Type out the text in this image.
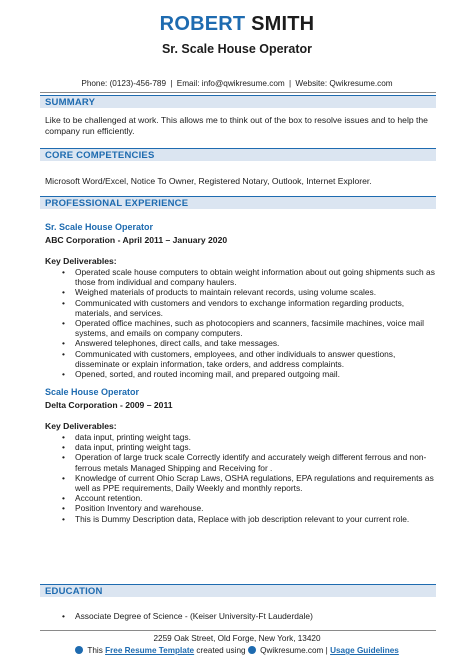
ROBERT SMITH
Sr. Scale House Operator
Phone: (0123)-456-789 | Email: info@qwikresume.com | Website: Qwikresume.com
SUMMARY
Like to be challenged at work. This allows me to think out of the box to resolve issues and to help the company run efficiently.
CORE COMPETENCIES
Microsoft Word/Excel, Notice To Owner, Registered Notary, Outlook, Internet Explorer.
PROFESSIONAL EXPERIENCE
Sr. Scale House Operator
ABC Corporation - April 2011 – January 2020
Key Deliverables:
• Operated scale house computers to obtain weight information about out going shipments such as those from individual and company haulers.
• Weighed materials of products to maintain relevant records, using volume scales.
• Communicated with customers and vendors to exchange information regarding products, materials, and services.
• Operated office machines, such as photocopiers and scanners, facsimile machines, voice mail systems, and emails on company computers.
• Answered telephones, direct calls, and take messages.
• Communicated with customers, employees, and other individuals to answer questions, disseminate or explain information, take orders, and address complaints.
• Opened, sorted, and routed incoming mail, and prepared outgoing mail.
Scale House Operator
Delta Corporation - 2009 – 2011
Key Deliverables:
• data input, printing weight tags.
• data input, printing weight tags.
• Operation of large truck scale Correctly identify and accurately weigh different ferrous and non-ferrous metals Managed Shipping and Receiving for .
• Knowledge of current Ohio Scrap Laws, OSHA regulations, EPA regulations and requirements as well as PPE requirements, Daily Weekly and monthly reports.
• Account retention.
• Position Inventory and warehouse.
• This is Dummy Description data, Replace with job description relevant to your current role.
EDUCATION
• Associate Degree of Science - (Keiser University-Ft Lauderdale)
2259 Oak Street, Old Forge, New York, 13420
This Free Resume Template created using Qwikresume.com | Usage Guidelines
